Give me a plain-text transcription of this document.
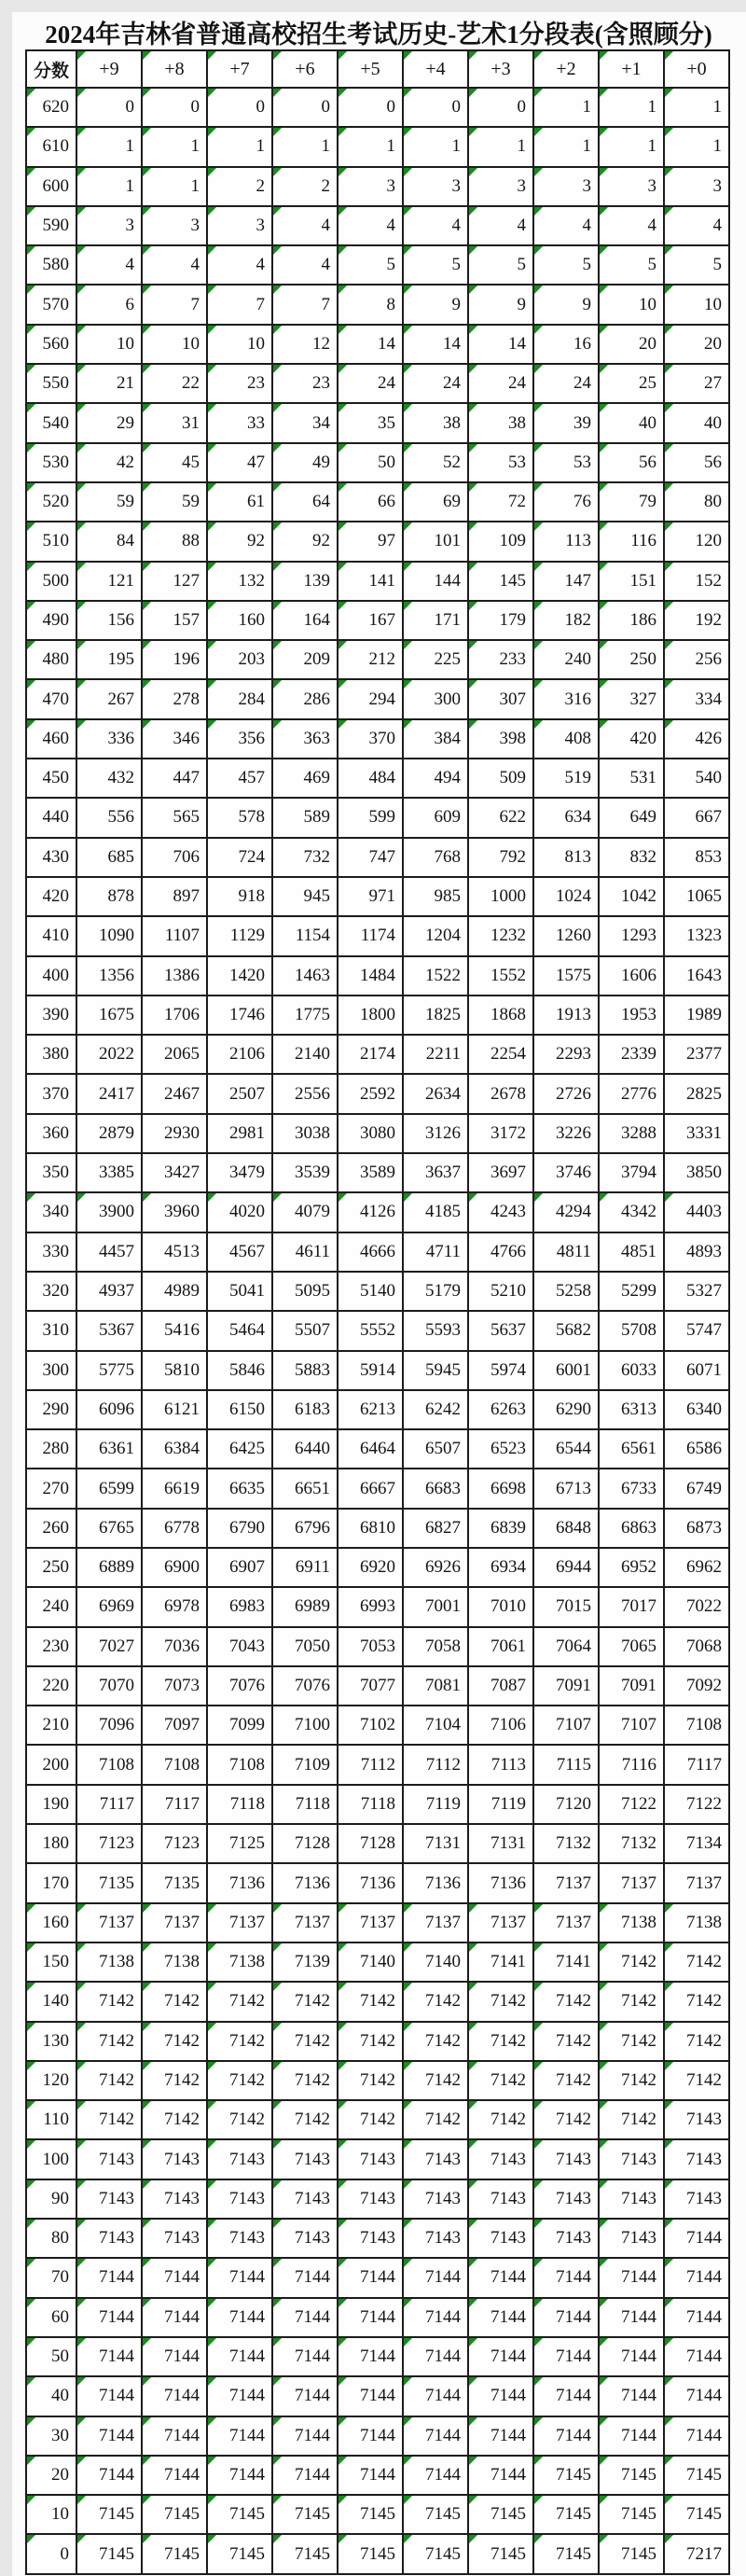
2024年吉林省普通高校招生考试历史-艺术1分段表(含照顾分)
分数	+9	+8	+7	+6	+5	+4	+3	+2	+1	+0

620	0	0	0	0	0	0	0	1	1	1

610	1	1	1	1	1	1	1	1	1	1

600	1	1	2	2	3	3	3	3	3	3

590	3	3	3	4	4	4	4	4	4	4

580	4	4	4	4	5	5	5	5	5	5

570	6	7	7	7	8	9	9	9	10	10

560	10	10	10	12	14	14	14	16	20	20

550	21	22	23	23	24	24	24	24	25	27

540	29	31	33	34	35	38	38	39	40	40

530	42	45	47	49	50	52	53	53	56	56

520	59	59	61	64	66	69	72	76	79	80

510	84	88	92	92	97	101	109	113	116	120

500	121	127	132	139	141	144	145	147	151	152

490	156	157	160	164	167	171	179	182	186	192

480	195	196	203	209	212	225	233	240	250	256

470	267	278	284	286	294	300	307	316	327	334

460	336	346	356	363	370	384	398	408	420	426
450	432	447	457	469	484	494	509	519	531	540
440	556	565	578	589	599	609	622	634	649	667
430	685	706	724	732	747	768	792	813	832	853
420	878	897	918	945	971	985	1000	1024	1042	1065
410	1090	1107	1129	1154	1174	1204	1232	1260	1293	1323
400	1356	1386	1420	1463	1484	1522	1552	1575	1606	1643
390	1675	1706	1746	1775	1800	1825	1868	1913	1953	1989
380	2022	2065	2106	2140	2174	2211	2254	2293	2339	2377
370	2417	2467	2507	2556	2592	2634	2678	2726	2776	2825
360	2879	2930	2981	3038	3080	3126	3172	3226	3288	3331
350	3385	3427	3479	3539	3589	3637	3697	3746	3794	3850

340	3900	3960	4020	4079	4126	4185	4243	4294	4342	4403
330	4457	4513	4567	4611	4666	4711	4766	4811	4851	4893
320	4937	4989	5041	5095	5140	5179	5210	5258	5299	5327
310	5367	5416	5464	5507	5552	5593	5637	5682	5708	5747
300	5775	5810	5846	5883	5914	5945	5974	6001	6033	6071
290	6096	6121	6150	6183	6213	6242	6263	6290	6313	6340
280	6361	6384	6425	6440	6464	6507	6523	6544	6561	6586
270	6599	6619	6635	6651	6667	6683	6698	6713	6733	6749
260	6765	6778	6790	6796	6810	6827	6839	6848	6863	6873
250	6889	6900	6907	6911	6920	6926	6934	6944	6952	6962
240	6969	6978	6983	6989	6993	7001	7010	7015	7017	7022
230	7027	7036	7043	7050	7053	7058	7061	7064	7065	7068
220	7070	7073	7076	7076	7077	7081	7087	7091	7091	7092
210	7096	7097	7099	7100	7102	7104	7106	7107	7107	7108
200	7108	7108	7108	7109	7112	7112	7113	7115	7116	7117
190	7117	7117	7118	7118	7118	7119	7119	7120	7122	7122
180	7123	7123	7125	7128	7128	7131	7131	7132	7132	7134
170	7135	7135	7136	7136	7136	7136	7136	7137	7137	7137

160	7137	7137	7137	7137	7137	7137	7137	7137	7138	7138

150	7138	7138	7138	7139	7140	7140	7141	7141	7142	7142

140	7142	7142	7142	7142	7142	7142	7142	7142	7142	7142

130	7142	7142	7142	7142	7142	7142	7142	7142	7142	7142

120	7142	7142	7142	7142	7142	7142	7142	7142	7142	7142

110	7142	7142	7142	7142	7142	7142	7142	7142	7142	7143

100	7143	7143	7143	7143	7143	7143	7143	7143	7143	7143

90	7143	7143	7143	7143	7143	7143	7143	7143	7143	7143

80	7143	7143	7143	7143	7143	7143	7143	7143	7143	7144

70	7144	7144	7144	7144	7144	7144	7144	7144	7144	7144

60	7144	7144	7144	7144	7144	7144	7144	7144	7144	7144

50	7144	7144	7144	7144	7144	7144	7144	7144	7144	7144

40	7144	7144	7144	7144	7144	7144	7144	7144	7144	7144

30	7144	7144	7144	7144	7144	7144	7144	7144	7144	7144

20	7144	7144	7144	7144	7144	7144	7144	7145	7145	7145

10	7145	7145	7145	7145	7145	7145	7145	7145	7145	7145

0	7145	7145	7145	7145	7145	7145	7145	7145	7145	7217
